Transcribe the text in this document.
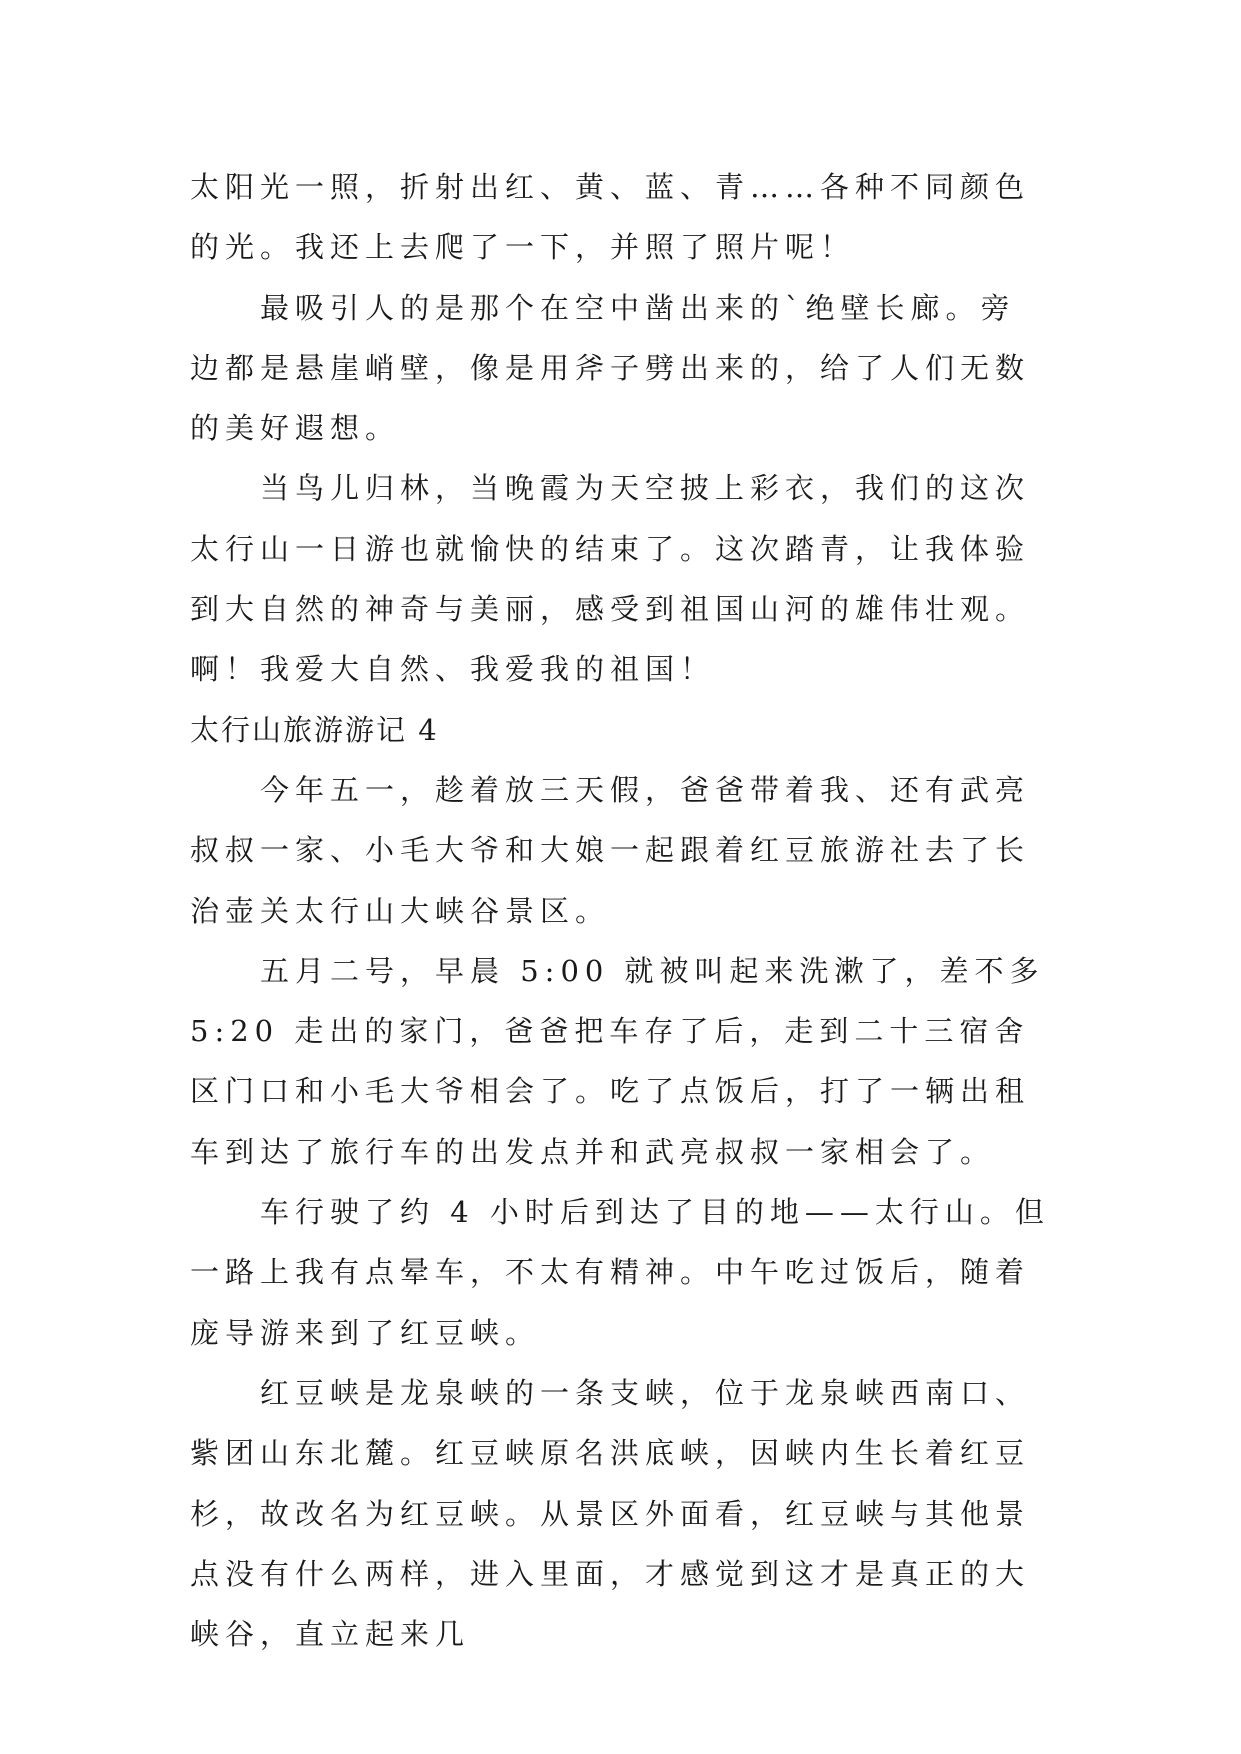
太阳光一照，折射出红、黄、蓝、青……各种不同颜色的光。我还上去爬了一下，并照了照片呢！

最吸引人的是那个在空中凿出来的`绝壁长廊。旁边都是悬崖峭壁，像是用斧子劈出来的，给了人们无数的美好遐想。

当鸟儿归林，当晚霞为天空披上彩衣，我们的这次太行山一日游也就愉快的结束了。这次踏青，让我体验到大自然的神奇与美丽，感受到祖国山河的雄伟壮观。啊！我爱大自然、我爱我的祖国！

太行山旅游游记 4

今年五一，趁着放三天假，爸爸带着我、还有武亮叔叔一家、小毛大爷和大娘一起跟着红豆旅游社去了长治壶关太行山大峡谷景区。

五月二号，早晨 5:00 就被叫起来洗漱了，差不多 5:20 走出的家门，爸爸把车存了后，走到二十三宿舍区门口和小毛大爷相会了。吃了点饭后，打了一辆出租车到达了旅行车的出发点并和武亮叔叔一家相会了。

车行驶了约 4 小时后到达了目的地——太行山。但一路上我有点晕车，不太有精神。中午吃过饭后，随着庞导游来到了红豆峡。

红豆峡是龙泉峡的一条支峡，位于龙泉峡西南口、紫团山东北麓。红豆峡原名洪底峡，因峡内生长着红豆杉，故改名为红豆峡。从景区外面看，红豆峡与其他景点没有什么两样，进入里面，才感觉到这才是真正的大峡谷，直立起来几
